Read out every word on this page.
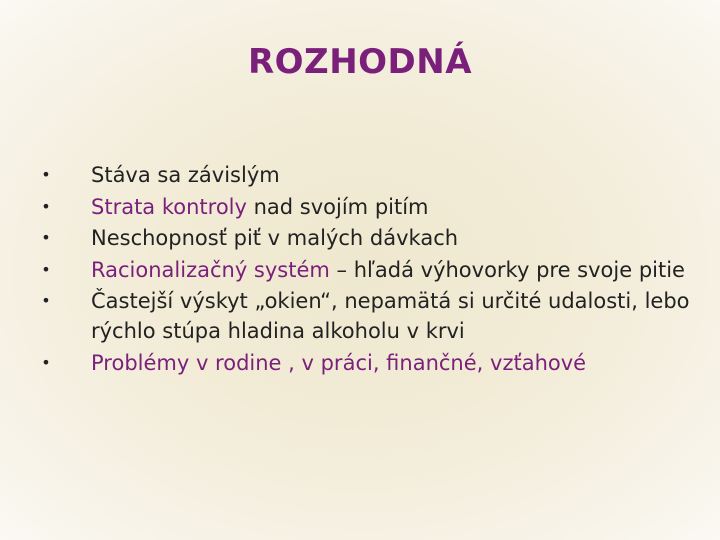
ROZHODNÁ
• Stáva sa závislým
• Strata kontroly nad svojím pitím
• Neschopnosť piť v malých dávkach
• Racionalizačný systém – hľadá výhovorky pre svoje pitie
• Častejší výskyt „okien“, nepamätá si určité udalosti, lebo rýchlo stúpa hladina alkoholu v krvi
• Problémy v rodine , v práci, finančné, vzťahové
